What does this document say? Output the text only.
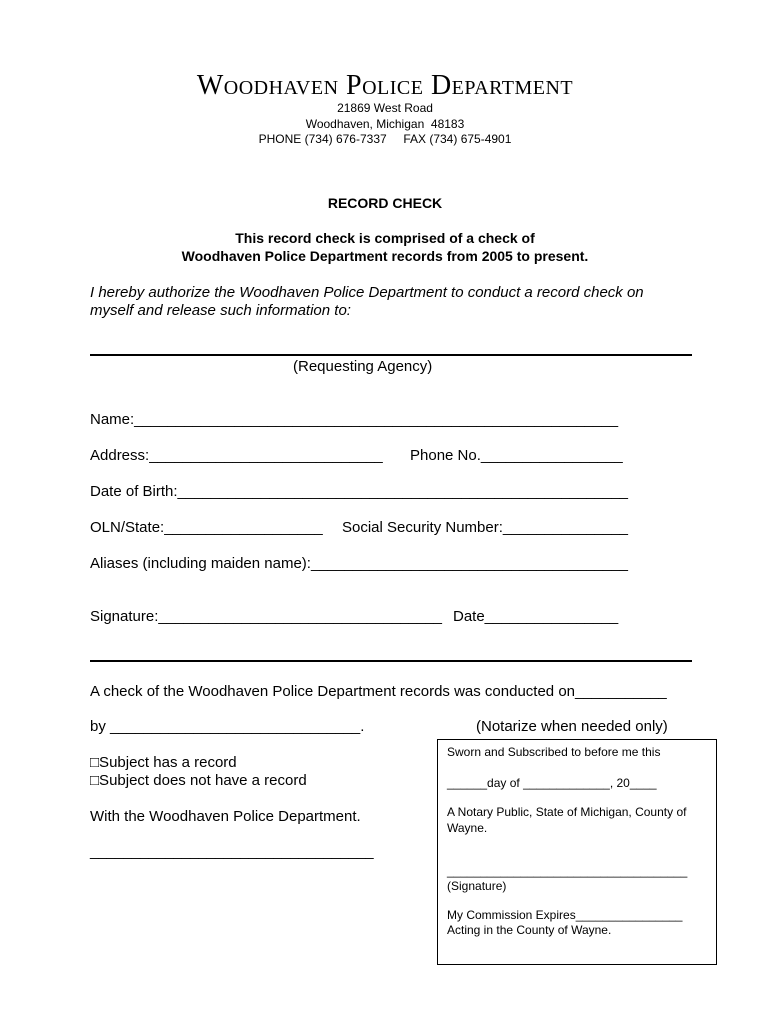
Woodhaven Police Department
21869 West Road
Woodhaven, Michigan  48183
PHONE (734) 676-7337     FAX (734) 675-4901
RECORD CHECK
This record check is comprised of a check of
Woodhaven Police Department records from 2005 to present.
I hereby authorize the Woodhaven Police Department to conduct a record check on
myself and release such information to:
(Requesting Agency)
Name:__________________________________________________________
Address:____________________________ Phone No._________________
Date of Birth:______________________________________________________
OLN/State:___________________ Social Security Number:_______________
Aliases (including maiden name):______________________________________
Signature:__________________________________ Date________________
A check of the Woodhaven Police Department records was conducted on___________
by ______________________________.	(Notarize when needed only)
□Subject has a record
□Subject does not have a record
With the Woodhaven Police Department.
__________________________________
Sworn and Subscribed to before me this
______day of _____________, 20____
A Notary Public, State of Michigan, County of
Wayne.
____________________________________
(Signature)
My Commission Expires________________
Acting in the County of Wayne.
